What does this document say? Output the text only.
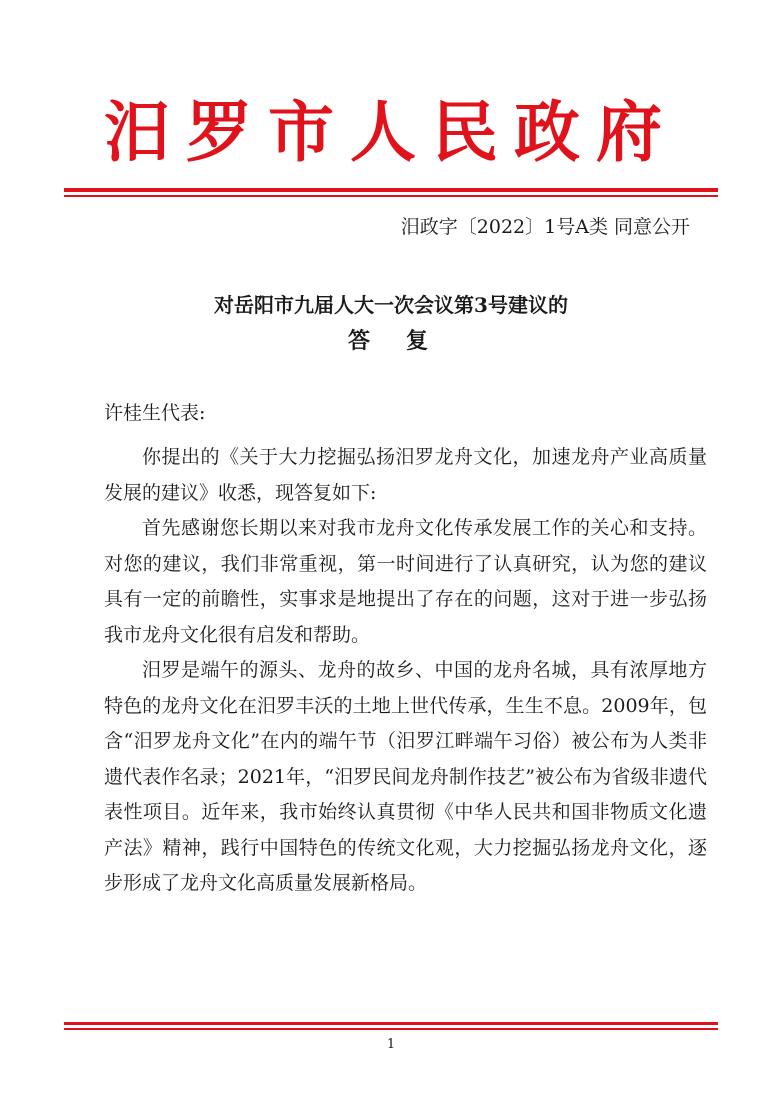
汨罗市人民政府
汨政字〔2022〕1号A类 同意公开
对岳阳市九届人大一次会议第3号建议的
答复
许桂生代表:

你提出的《关于大力挖掘弘扬汨罗龙舟文化，加速龙舟产业高质量发展的建议》收悉，现答复如下:

首先感谢您长期以来对我市龙舟文化传承发展工作的关心和支持。对您的建议，我们非常重视，第一时间进行了认真研究，认为您的建议具有一定的前瞻性，实事求是地提出了存在的问题，这对于进一步弘扬我市龙舟文化很有启发和帮助。

汨罗是端午的源头、龙舟的故乡、中国的龙舟名城，具有浓厚地方特色的龙舟文化在汨罗丰沃的土地上世代传承，生生不息。2009年，包含“汨罗龙舟文化”在内的端午节（汨罗江畔端午习俗）被公布为人类非遗代表作名录；2021年，“汨罗民间龙舟制作技艺”被公布为省级非遗代表性项目。近年来，我市始终认真贯彻《中华人民共和国非物质文化遗产法》精神，践行中国特色的传统文化观，大力挖掘弘扬龙舟文化，逐步形成了龙舟文化高质量发展新格局。

1
